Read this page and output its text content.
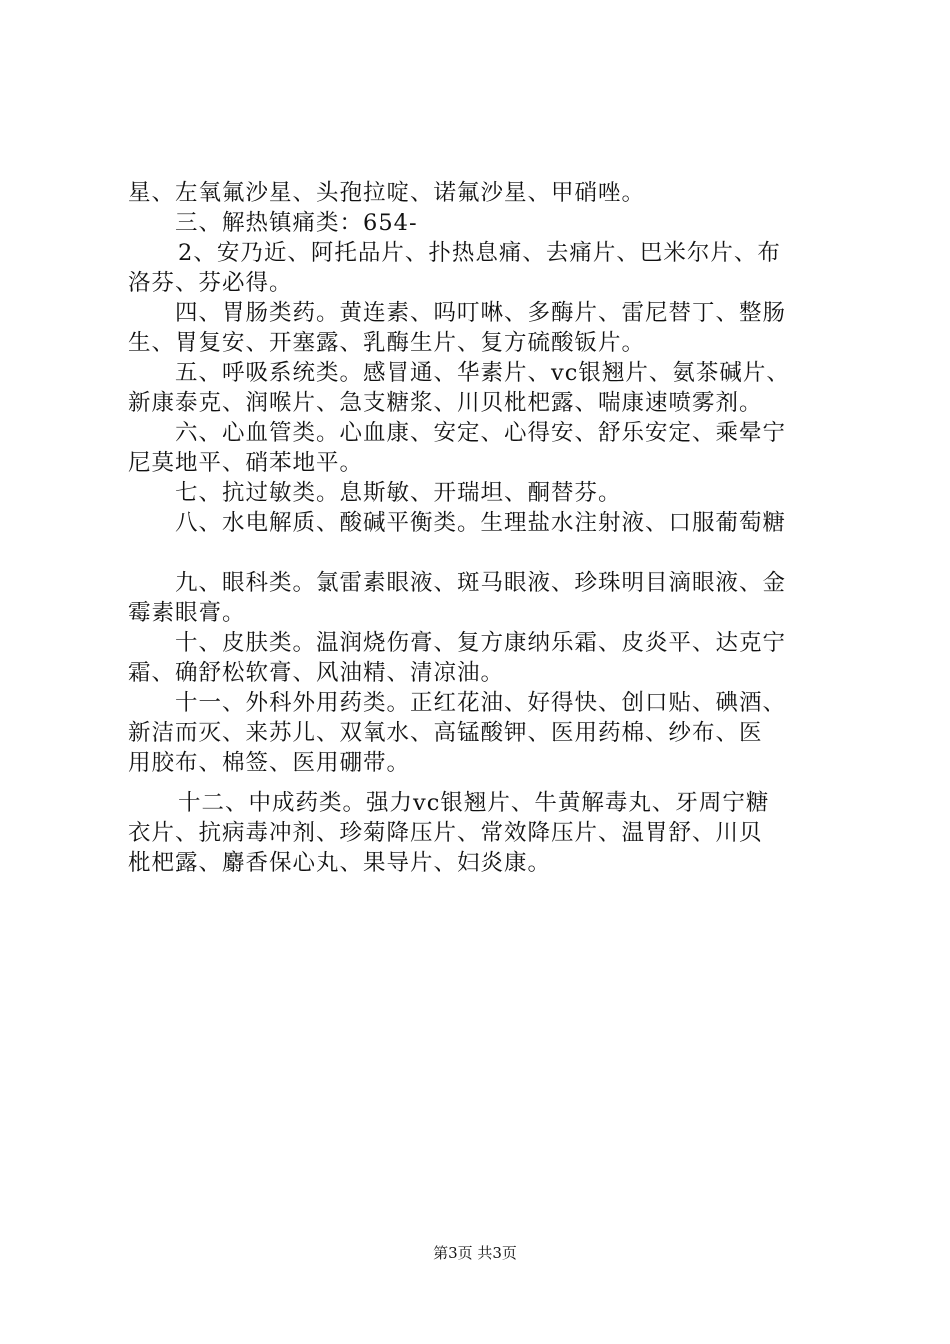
星、左氧氟沙星、头孢拉啶、诺氟沙星、甲硝唑。
三、解热镇痛类：654-
2、安乃近、阿托品片、扑热息痛、去痛片、巴米尔片、布
洛芬、芬必得。
四、胃肠类药。黄连素、吗叮啉、多酶片、雷尼替丁、整肠
生、胃复安、开塞露、乳酶生片、复方硫酸钣片。
五、呼吸系统类。感冒通、华素片、vc银翘片、氨茶碱片、
新康泰克、润喉片、急支糖浆、川贝枇杷露、喘康速喷雾剂。
六、心血管类。心血康、安定、心得安、舒乐安定、乘晕宁
尼莫地平、硝苯地平。
七、抗过敏类。息斯敏、开瑞坦、酮替芬。
八、水电解质、酸碱平衡类。生理盐水注射液、口服葡萄糖
九、眼科类。氯雷素眼液、斑马眼液、珍珠明目滴眼液、金
霉素眼膏。
十、皮肤类。温润烧伤膏、复方康纳乐霜、皮炎平、达克宁
霜、确舒松软膏、风油精、清凉油。
十一、外科外用药类。正红花油、好得快、创口贴、碘酒、
新洁而灭、来苏儿、双氧水、高锰酸钾、医用药棉、纱布、医
用胶布、棉签、医用硼带。
十二、中成药类。强力vc银翘片、牛黄解毒丸、牙周宁糖
衣片、抗病毒冲剂、珍菊降压片、常效降压片、温胃舒、川贝
枇杷露、麝香保心丸、果导片、妇炎康。
第3页 共3页
